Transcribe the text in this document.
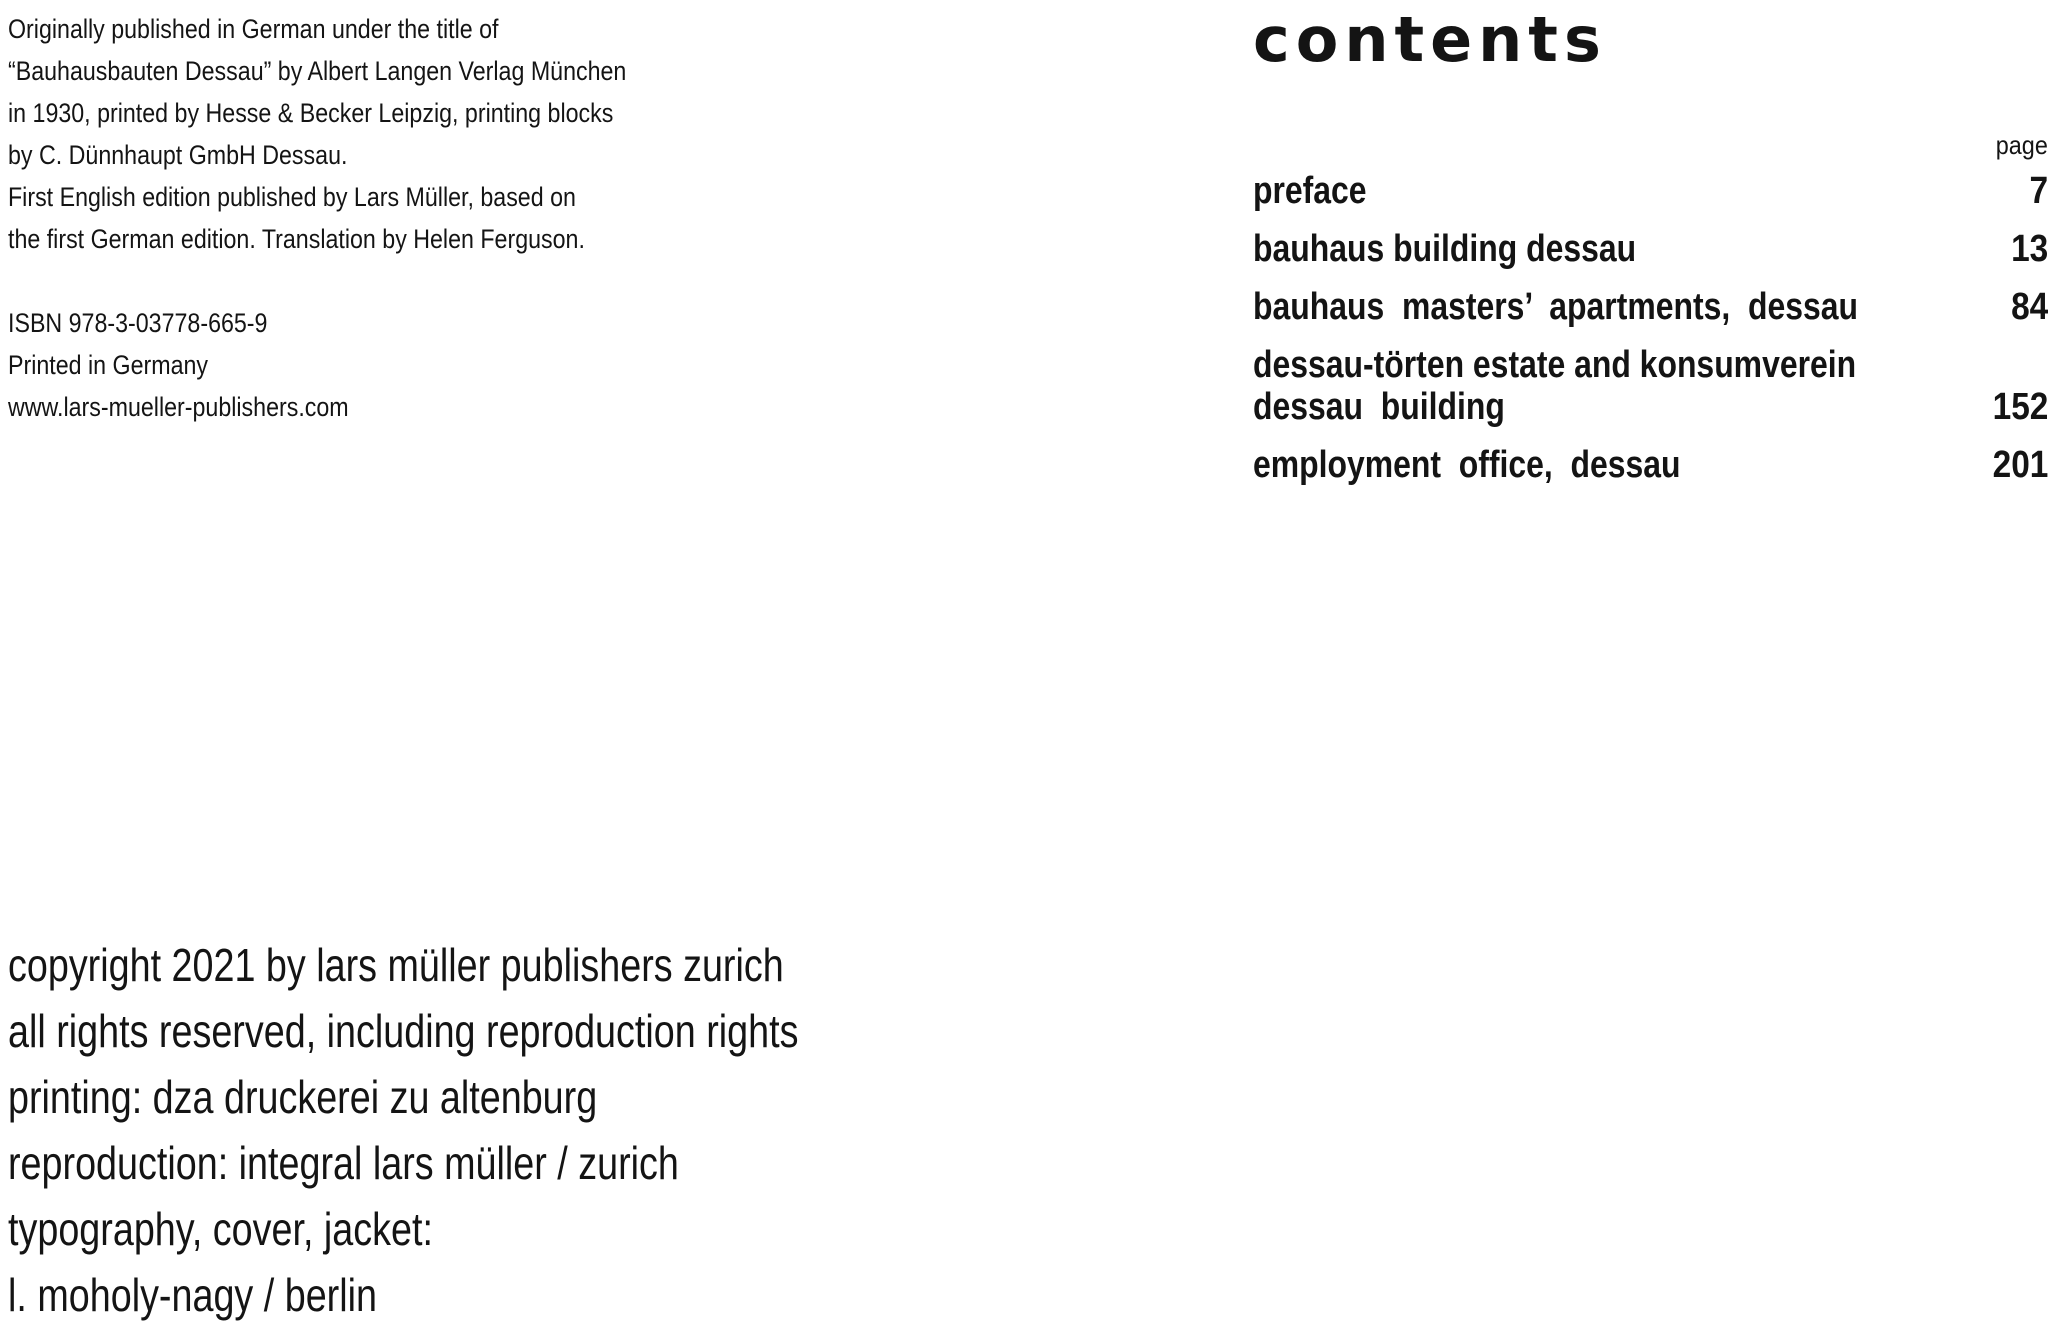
Originally published in German under the title of
“Bauhausbauten Dessau” by Albert Langen Verlag München
in 1930, printed by Hesse & Becker Leipzig, printing blocks
by C. Dünnhaupt GmbH Dessau.
First English edition published by Lars Müller, based on
the first German edition. Translation by Helen Ferguson.
ISBN 978-3-03778-665-9
Printed in Germany
www.lars-mueller-publishers.com
copyright 2021 by lars müller publishers zurich
all rights reserved, including reproduction rights
printing: dza druckerei zu altenburg
reproduction: integral lars müller / zurich
typography, cover, jacket:
l. moholy-nagy / berlin
contents
page
preface	7
bauhaus building dessau	13
bauhaus  masters’  apartments,  dessau	84
dessau-törten estate and konsumverein
dessau  building	152
employment  office,  dessau	201
